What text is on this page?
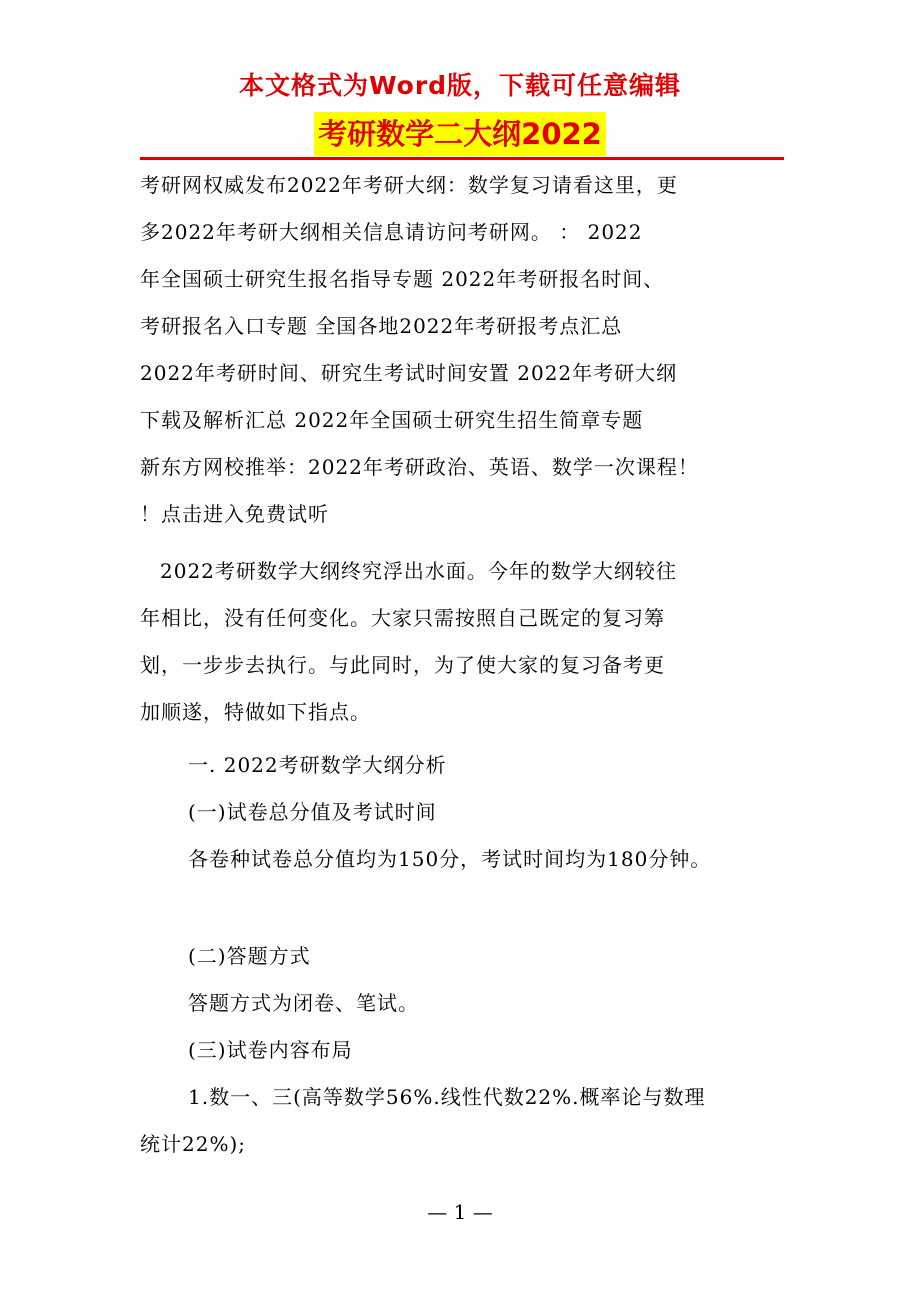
本文格式为Word版，下载可任意编辑
考研数学二大纲2022
考研网权威发布2022年考研大纲：数学复习请看这里，更
多2022年考研大纲相关信息请访问考研网。 ： 2022
年全国硕士研究生报名指导专题 2022年考研报名时间、
考研报名入口专题 全国各地2022年考研报考点汇总
2022年考研时间、研究生考试时间安置 2022年考研大纲
下载及解析汇总 2022年全国硕士研究生招生简章专题
新东方网校推举：2022年考研政治、英语、数学一次课程！
！点击进入免费试听
2022考研数学大纲终究浮出水面。今年的数学大纲较往
年相比，没有任何变化。大家只需按照自己既定的复习筹
划，一步步去执行。与此同时，为了使大家的复习备考更
加顺遂，特做如下指点。
一. 2022考研数学大纲分析
(一)试卷总分值及考试时间
各卷种试卷总分值均为150分，考试时间均为180分钟。
(二)答题方式
答题方式为闭卷、笔试。
(三)试卷内容布局
1.数一、三(高等数学56%.线性代数22%.概率论与数理
统计22%);
— 1 —
